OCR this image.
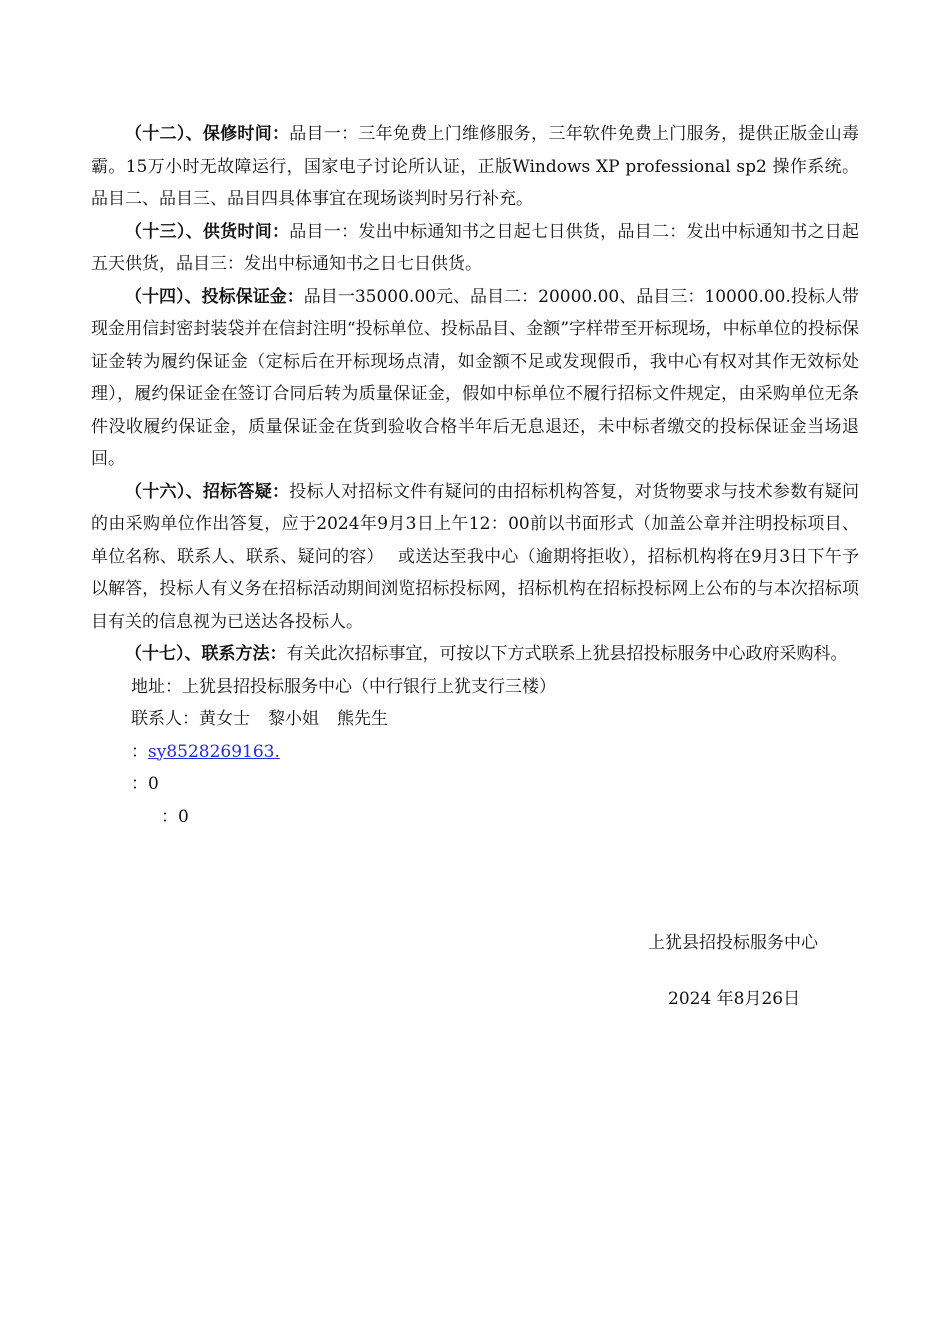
（十二）、保修时间：品目一：三年免费上门维修服务，三年软件免费上门服务，提供正版金山毒霸。15万小时无故障运行，国家电子讨论所认证，正版Windows XP professional sp2 操作系统。品目二、品目三、品目四具体事宜在现场谈判时另行补充。

（十三）、供货时间：品目一：发出中标通知书之日起七日供货，品目二：发出中标通知书之日起五天供货，品目三：发出中标通知书之日七日供货。

（十四）、投标保证金：品目一35000.00元、品目二：20000.00、品目三：10000.00.投标人带现金用信封密封装袋并在信封注明“投标单位、投标品目、金额”字样带至开标现场，中标单位的投标保证金转为履约保证金（定标后在开标现场点清，如金额不足或发现假币，我中心有权对其作无效标处理），履约保证金在签订合同后转为质量保证金，假如中标单位不履行招标文件规定，由采购单位无条件没收履约保证金，质量保证金在货到验收合格半年后无息退还，未中标者缴交的投标保证金当场退回。

（十六）、招标答疑：投标人对招标文件有疑问的由招标机构答复，对货物要求与技术参数有疑问的由采购单位作出答复，应于2024年9月3日上午12：00前以书面形式（加盖公章并注明投标项目、单位名称、联系人、联系、疑问的容）　 或送达至我中心（逾期将拒收），招标机构将在9月3日下午予以解答，投标人有义务在招标活动期间浏览招标投标网，招标机构在招标投标网上公布的与本次招标项目有关的信息视为已送达各投标人。

（十七）、联系方法：有关此次招标事宜，可按以下方式联系上犹县招投标服务中心政府采购科。

地址：上犹县招投标服务中心（中行银行上犹支行三楼）

联系人：黄女士 黎小姐 熊先生

：sy8528269163.

：0

：0

上犹县招投标服务中心
2024 年8月26日
